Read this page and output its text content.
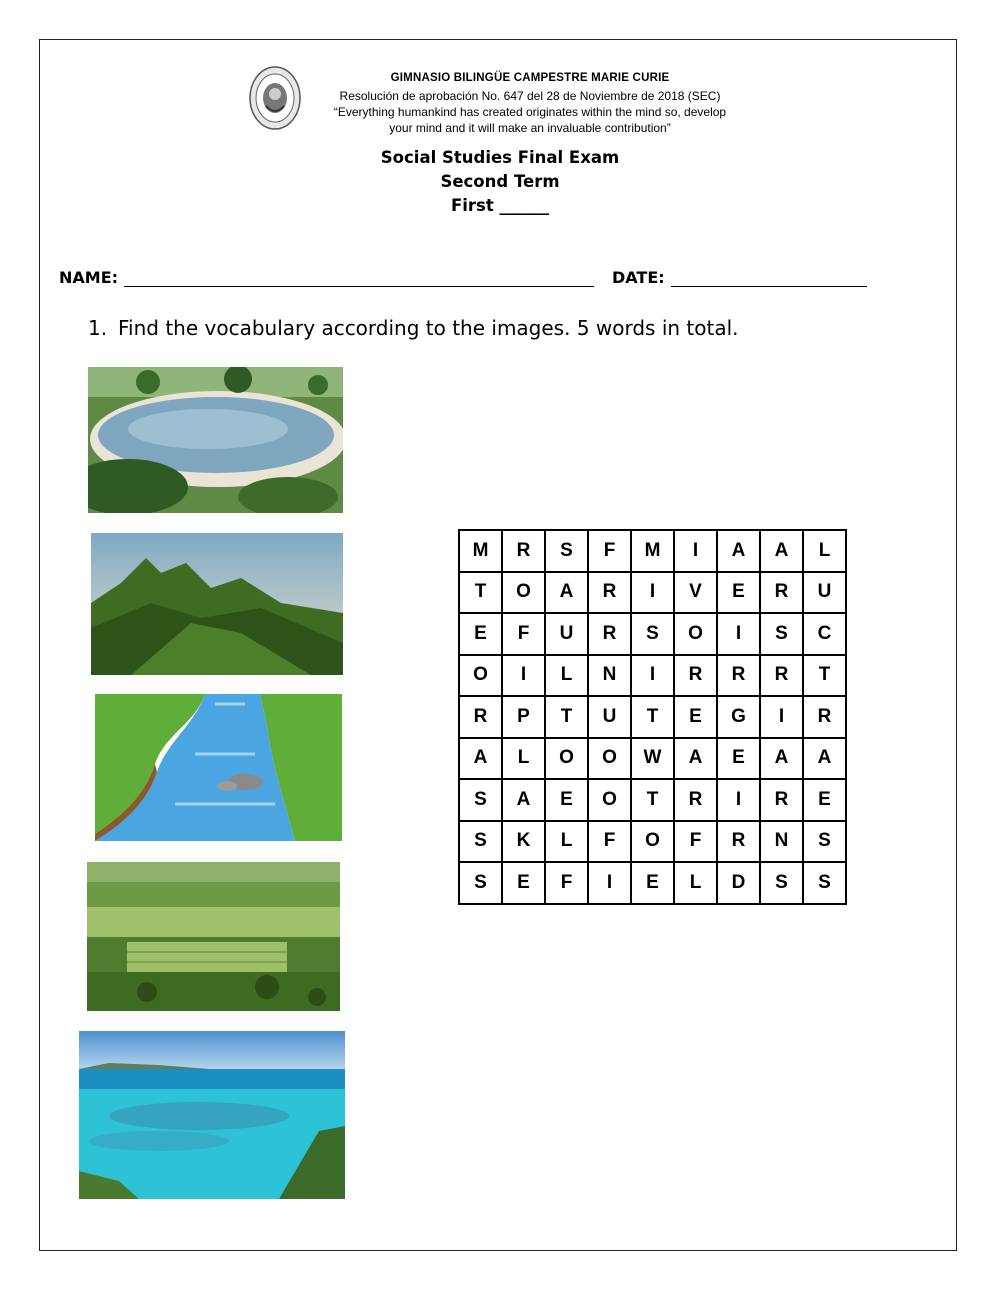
GIMNASIO BILINGÜE CAMPESTRE MARIE CURIE
Resolución de aprobación No. 647 del 28 de Noviembre de 2018 (SEC)
“Everything humankind has created originates within the mind so, develop
your mind and it will make an invaluable contribution”
Social Studies Final Exam
Second Term
First ______
NAME:	DATE:
1. Find the vocabulary according to the images. 5 words in total.
M	R	S	F	M	I	A	A	L
T	O	A	R	I	V	E	R	U
E	F	U	R	S	O	I	S	C
O	I	L	N	I	R	R	R	T
R	P	T	U	T	E	G	I	R
A	L	O	O	W	A	E	A	A
S	A	E	O	T	R	I	R	E
S	K	L	F	O	F	R	N	S
S	E	F	I	E	L	D	S	S
